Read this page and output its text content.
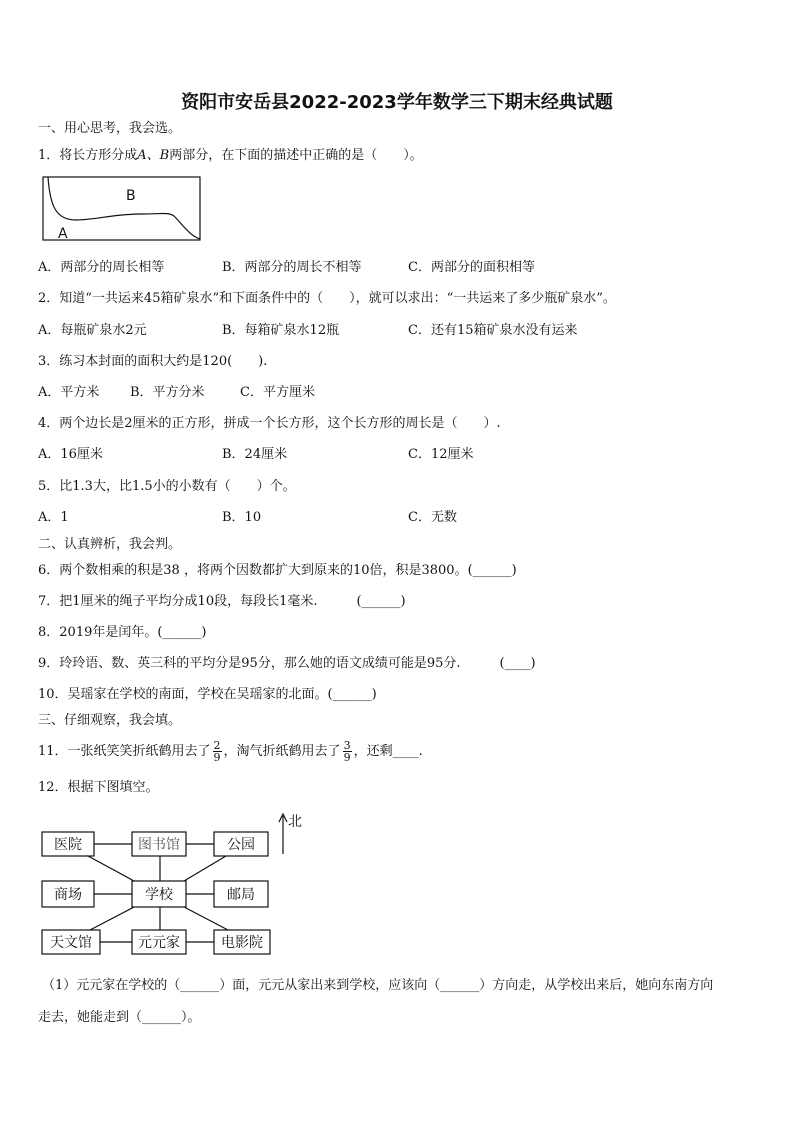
资阳市安岳县2022-2023学年数学三下期末经典试题
一、用心思考，我会选。
1．将长方形分成A、B两部分，在下面的描述中正确的是（　　）。
B
A
A．两部分的周长相等	B．两部分的周长不相等	C．两部分的面积相等
2．知道“一共运来45箱矿泉水”和下面条件中的（　　），就可以求出：“一共运来了多少瓶矿泉水”。
A．每瓶矿泉水2元	B．每箱矿泉水12瓶	C．还有15箱矿泉水没有运来
3．练习本封面的面积大约是120(　　).
A．平方米 B．平方分米	C．平方厘米
4．两个边长是2厘米的正方形，拼成一个长方形，这个长方形的周长是（　　）.
A．16厘米	B．24厘米	C．12厘米
5．比1.3大，比1.5小的小数有（　　）个。
A．1	B．10	C．无数
二、认真辨析，我会判。
6．两个数相乘的积是38 ，将两个因数都扩大到原来的10倍，积是3800。(______)
7．把1厘米的绳子平均分成10段，每段长1毫米.　　　(______)
8．2019年是闰年。(______)
9．玲玲语、数、英三科的平均分是95分，那么她的语文成绩可能是95分.　　　(____)
10．吴瑶家在学校的南面，学校在吴瑶家的北面。(______)
三、仔细观察，我会填。
11．一张纸笑笑折纸鹤用去了 $\frac{2}{9}$ ，淘气折纸鹤用去了 $\frac{3}{9}$ ，还剩____.
12．根据下图填空。
医院	图书馆	公园
商场	学校	邮局
天文馆	元元家	电影院
北
（1）元元家在学校的（______）面，元元从家出来到学校，应该向（______）方向走，从学校出来后，她向东南方向
走去，她能走到（______）。
